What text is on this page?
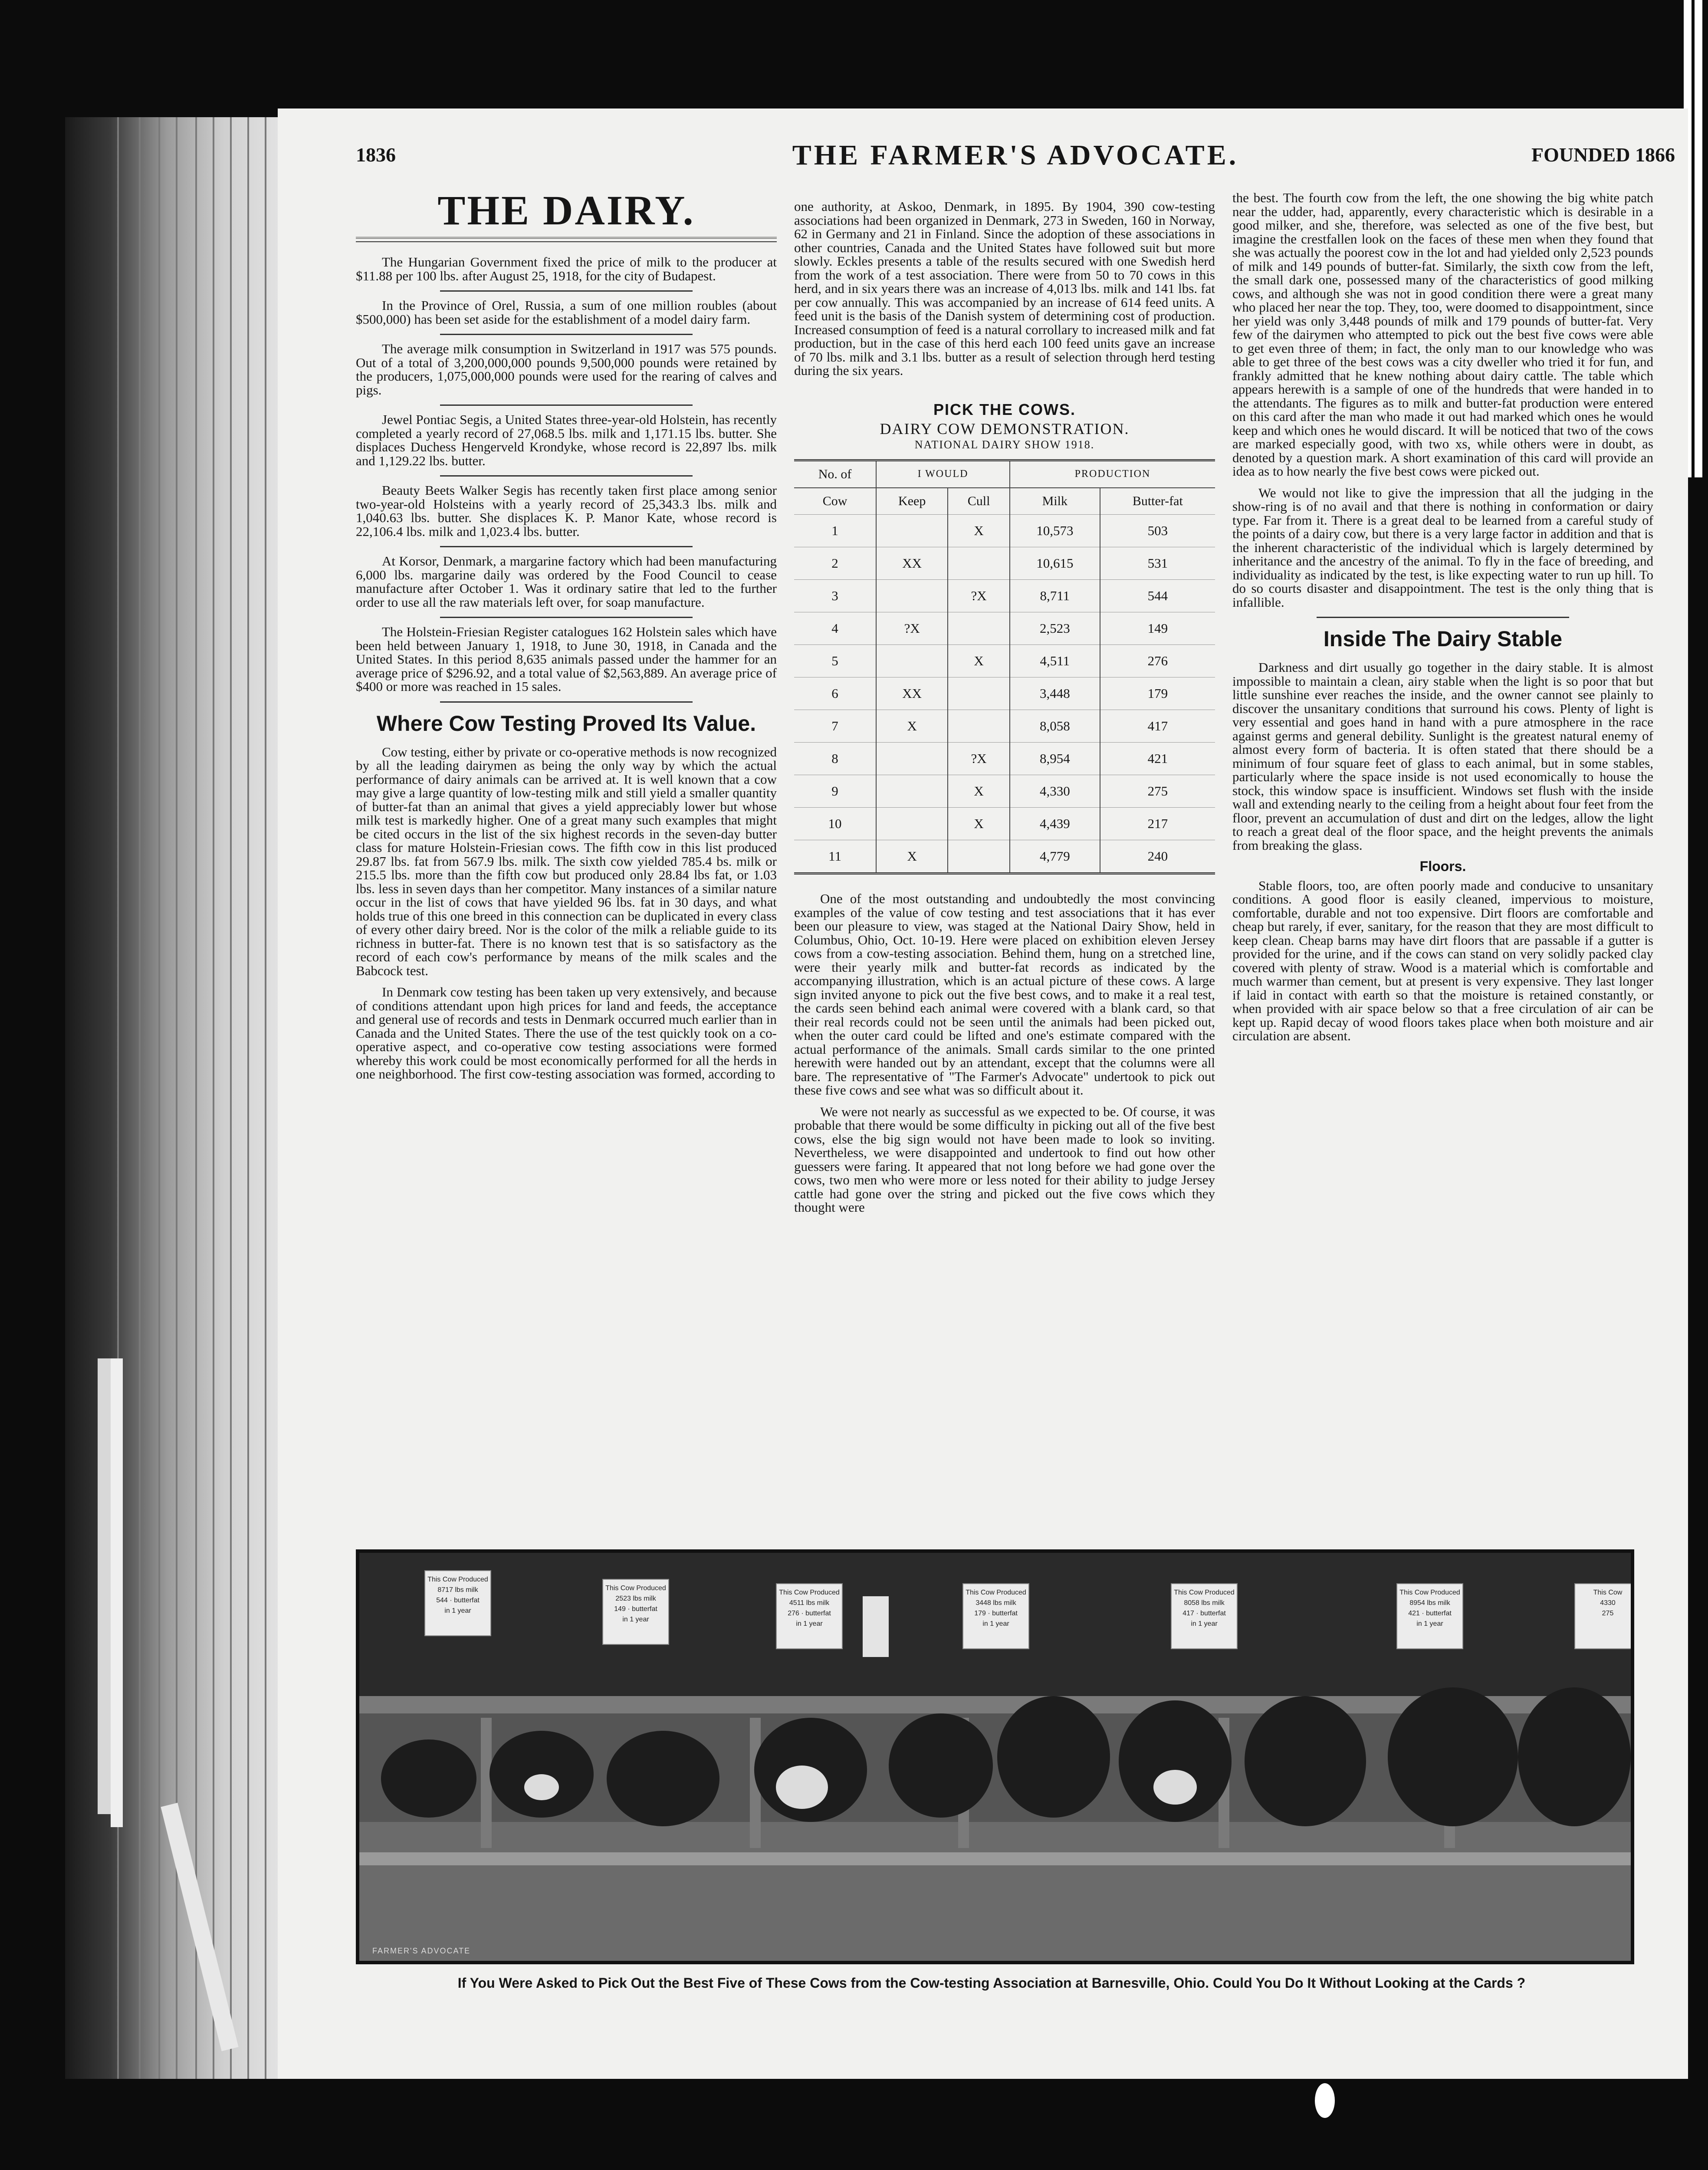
1836	THE FARMER'S ADVOCATE.	FOUNDED 1866
THE DAIRY.

The Hungarian Government fixed the price of milk to the producer at $11.88 per 100 lbs. after August 25, 1918, for the city of Budapest.

In the Province of Orel, Russia, a sum of one million roubles (about $500,000) has been set aside for the establishment of a model dairy farm.

The average milk consumption in Switzerland in 1917 was 575 pounds. Out of a total of 3,200,000,000 pounds 9,500,000 pounds were retained by the producers, 1,075,000,000 pounds were used for the rearing of calves and pigs.

Jewel Pontiac Segis, a United States three-year-old Holstein, has recently completed a yearly record of 27,068.5 lbs. milk and 1,171.15 lbs. butter. She displaces Duchess Hengerveld Krondyke, whose record is 22,897 lbs. milk and 1,129.22 lbs. butter.

Beauty Beets Walker Segis has recently taken first place among senior two-year-old Holsteins with a yearly record of 25,343.3 lbs. milk and 1,040.63 lbs. butter. She displaces K. P. Manor Kate, whose record is 22,106.4 lbs. milk and 1,023.4 lbs. butter.

At Korsor, Denmark, a margarine factory which had been manufacturing 6,000 lbs. margarine daily was ordered by the Food Council to cease manufacture after October 1. Was it ordinary satire that led to the further order to use all the raw materials left over, for soap manufacture.

The Holstein-Friesian Register catalogues 162 Holstein sales which have been held between January 1, 1918, to June 30, 1918, in Canada and the United States. In this period 8,635 animals passed under the hammer for an average price of $296.92, and a total value of $2,563,889. An average price of $400 or more was reached in 15 sales.

Where Cow Testing Proved Its Value.

Cow testing, either by private or co-operative methods is now recognized by all the leading dairymen as being the only way by which the actual performance of dairy animals can be arrived at. It is well known that a cow may give a large quantity of low-testing milk and still yield a smaller quantity of butter-fat than an animal that gives a yield appreciably lower but whose milk test is markedly higher. One of a great many such examples that might be cited occurs in the list of the six highest records in the seven-day butter class for mature Holstein-Friesian cows. The fifth cow in this list produced 29.87 lbs. fat from 567.9 lbs. milk. The sixth cow yielded 785.4 bs. milk or 215.5 lbs. more than the fifth cow but produced only 28.84 lbs fat, or 1.03 lbs. less in seven days than her competitor. Many instances of a similar nature occur in the list of cows that have yielded 96 lbs. fat in 30 days, and what holds true of this one breed in this connection can be duplicated in every class of every other dairy breed. Nor is the color of the milk a reliable guide to its richness in butter-fat. There is no known test that is so satisfactory as the record of each cow's performance by means of the milk scales and the Babcock test.

In Denmark cow testing has been taken up very extensively, and because of conditions attendant upon high prices for land and feeds, the acceptance and general use of records and tests in Denmark occurred much earlier than in Canada and the United States. There the use of the test quickly took on a co-operative aspect, and co-operative cow testing associations were formed whereby this work could be most economically performed for all the herds in one neighborhood. The first cow-testing association was formed, according to

one authority, at Askoo, Denmark, in 1895. By 1904, 390 cow-testing associations had been organized in Denmark, 273 in Sweden, 160 in Norway, 62 in Germany and 21 in Finland. Since the adoption of these associations in other countries, Canada and the United States have followed suit but more slowly. Eckles presents a table of the results secured with one Swedish herd from the work of a test association. There were from 50 to 70 cows in this herd, and in six years there was an increase of 4,013 lbs. milk and 141 lbs. fat per cow annually. This was accompanied by an increase of 614 feed units. A feed unit is the basis of the Danish system of determining cost of production. Increased consumption of feed is a natural corrollary to increased milk and fat production, but in the case of this herd each 100 feed units gave an increase of 70 lbs. milk and 3.1 lbs. butter as a result of selection through herd testing during the six years.

PICK THE COWS.
DAIRY COW DEMONSTRATION.
NATIONAL DAIRY SHOW 1918.
No. of	I WOULD		PRODUCTION	
Cow	Keep	Cull	Milk	Butter-fat
1		X	10,573	503
2	XX		10,615	531
3		?X	8,711	544
4	?X		2,523	149
5		X	4,511	276
6	XX		3,448	179
7	X		8,058	417
8		?X	8,954	421
9		X	4,330	275
10		X	4,439	217
11	X		4,779	240

One of the most outstanding and undoubtedly the most convincing examples of the value of cow testing and test associations that it has ever been our pleasure to view, was staged at the National Dairy Show, held in Columbus, Ohio, Oct. 10-19. Here were placed on exhibition eleven Jersey cows from a cow-testing association. Behind them, hung on a stretched line, were their yearly milk and butter-fat records as indicated by the accompanying illustration, which is an actual picture of these cows. A large sign invited anyone to pick out the five best cows, and to make it a real test, the cards seen behind each animal were covered with a blank card, so that their real records could not be seen until the animals had been picked out, when the outer card could be lifted and one's estimate compared with the actual performance of the animals. Small cards similar to the one printed herewith were handed out by an attendant, except that the columns were all bare. The representative of "The Farmer's Advocate" undertook to pick out these five cows and see what was so difficult about it.

We were not nearly as successful as we expected to be. Of course, it was probable that there would be some difficulty in picking out all of the five best cows, else the big sign would not have been made to look so inviting. Nevertheless, we were disappointed and undertook to find out how other guessers were faring. It appeared that not long before we had gone over the cows, two men who were more or less noted for their ability to judge Jersey cattle had gone over the string and picked out the five cows which they thought were

the best. The fourth cow from the left, the one showing the big white patch near the udder, had, apparently, every characteristic which is desirable in a good milker, and she, therefore, was selected as one of the five best, but imagine the crestfallen look on the faces of these men when they found that she was actually the poorest cow in the lot and had yielded only 2,523 pounds of milk and 149 pounds of butter-fat. Similarly, the sixth cow from the left, the small dark one, possessed many of the characteristics of good milking cows, and although she was not in good condition there were a great many who placed her near the top. They, too, were doomed to disappointment, since her yield was only 3,448 pounds of milk and 179 pounds of butter-fat. Very few of the dairymen who attempted to pick out the best five cows were able to get even three of them; in fact, the only man to our knowledge who was able to get three of the best cows was a city dweller who tried it for fun, and frankly admitted that he knew nothing about dairy cattle. The table which appears herewith is a sample of one of the hundreds that were handed in to the attendants. The figures as to milk and butter-fat production were entered on this card after the man who made it out had marked which ones he would keep and which ones he would discard. It will be noticed that two of the cows are marked especially good, with two xs, while others were in doubt, as denoted by a question mark. A short examination of this card will provide an idea as to how nearly the five best cows were picked out.

We would not like to give the impression that all the judging in the show-ring is of no avail and that there is nothing in conformation or dairy type. Far from it. There is a great deal to be learned from a careful study of the points of a dairy cow, but there is a very large factor in addition and that is the inherent characteristic of the individual which is largely determined by inheritance and the ancestry of the animal. To fly in the face of breeding, and individuality as indicated by the test, is like expecting water to run up hill. To do so courts disaster and disappointment. The test is the only thing that is infallible.

Inside The Dairy Stable

Darkness and dirt usually go together in the dairy stable. It is almost impossible to maintain a clean, airy stable when the light is so poor that but little sunshine ever reaches the inside, and the owner cannot see plainly to discover the unsanitary conditions that surround his cows. Plenty of light is very essential and goes hand in hand with a pure atmosphere in the race against germs and general debility. Sunlight is the greatest natural enemy of almost every form of bacteria. It is often stated that there should be a minimum of four square feet of glass to each animal, but in some stables, particularly where the space inside is not used economically to house the stock, this window space is insufficient. Windows set flush with the inside wall and extending nearly to the ceiling from a height about four feet from the floor, prevent an accumulation of dust and dirt on the ledges, allow the light to reach a great deal of the floor space, and the height prevents the animals from breaking the glass.

Floors.

Stable floors, too, are often poorly made and conducive to unsanitary conditions. A good floor is easily cleaned, impervious to moisture, comfortable, durable and not too expensive. Dirt floors are comfortable and cheap but rarely, if ever, sanitary, for the reason that they are most difficult to keep clean. Cheap barns may have dirt floors that are passable if a gutter is provided for the urine, and if the cows can stand on very solidly packed clay covered with plenty of straw. Wood is a material which is comfortable and much warmer than cement, but at present is very expensive. They last longer if laid in contact with earth so that the moisture is retained constantly, or when provided with air space below so that a free circulation of air can be kept up. Rapid decay of wood floors takes place when both moisture and air circulation are absent.

This Cow Produced
8717 lbs milk
544 · butterfat
in 1 year
This Cow Produced
2523 lbs milk
149 · butterfat
in 1 year
This Cow Produced
4511 lbs milk
276 · butterfat
in 1 year
This Cow Produced
3448 lbs milk
179 · butterfat
in 1 year
This Cow Produced
8058 lbs milk
417 · butterfat
in 1 year
This Cow Produced
8954 lbs milk
421 · butterfat
in 1 year
This Cow
4330
275
FARMER'S ADVOCATE
If You Were Asked to Pick Out the Best Five of These Cows from the Cow-testing Association at Barnesville, Ohio. Could You Do It Without Looking at the Cards ?
